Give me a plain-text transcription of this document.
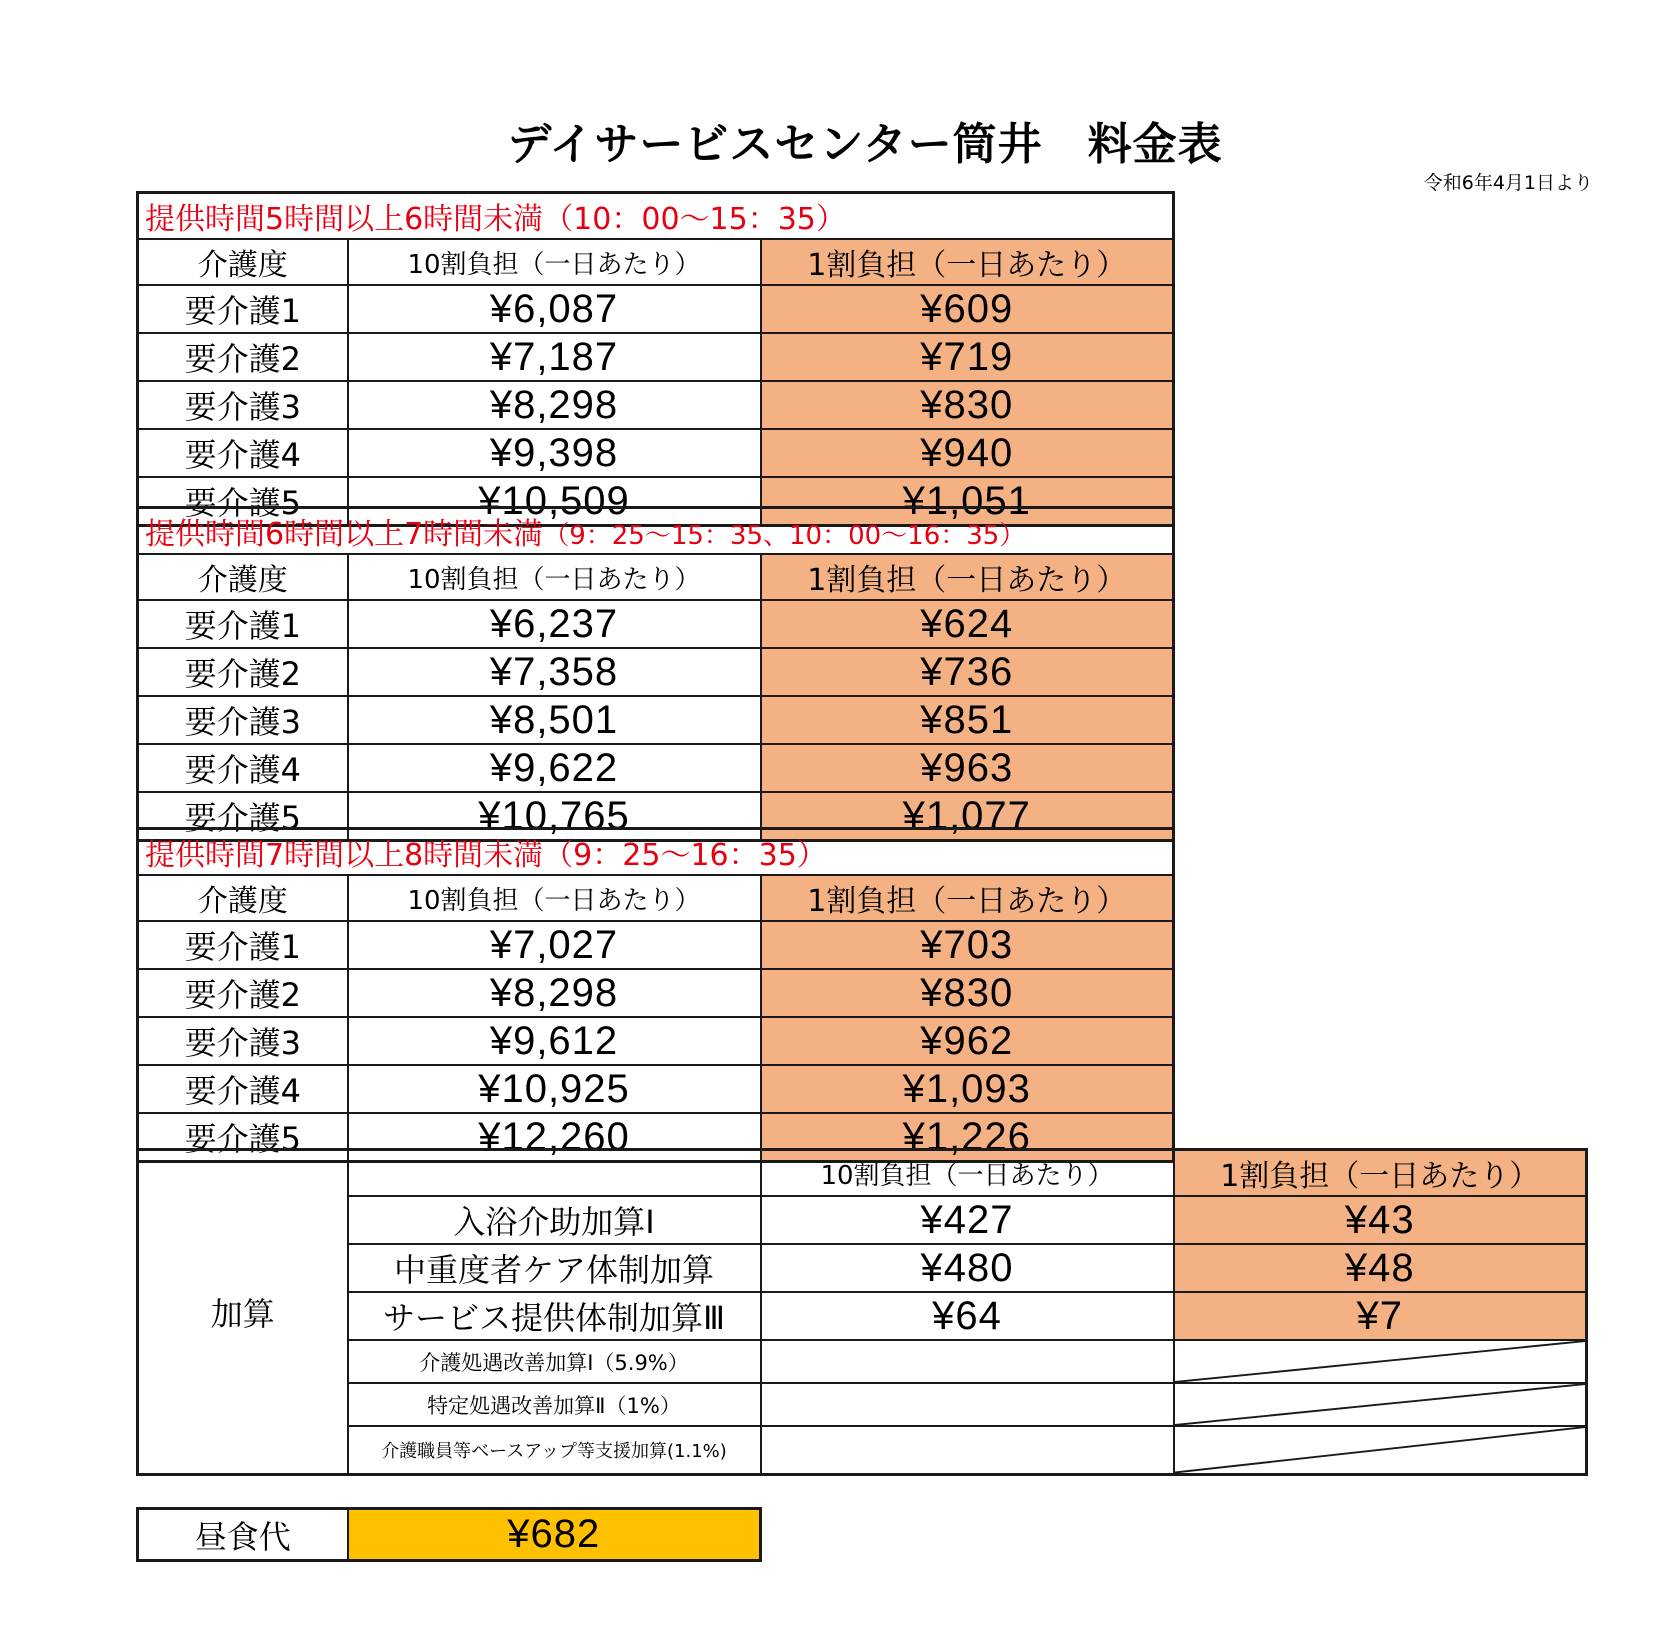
デイサービスセンター筒井　料金表
令和6年4月1日より
提供時間5時間以上6時間未満（10：00～15：35）		
介護度	10割負担（一日あたり）	1割負担（一日あたり）
要介護1	¥6,087	¥609
要介護2	¥7,187	¥719
要介護3	¥8,298	¥830
要介護4	¥9,398	¥940
要介護5	¥10,509	¥1,051
提供時間6時間以上7時間未満（9：25～15：35、10：00～16：35）		
介護度	10割負担（一日あたり）	1割負担（一日あたり）
要介護1	¥6,237	¥624
要介護2	¥7,358	¥736
要介護3	¥8,501	¥851
要介護4	¥9,622	¥963
要介護5	¥10,765	¥1,077
提供時間7時間以上8時間未満（9：25～16：35）		
介護度	10割負担（一日あたり）	1割負担（一日あたり）
要介護1	¥7,027	¥703
要介護2	¥8,298	¥830
要介護3	¥9,612	¥962
要介護4	¥10,925	¥1,093
要介護5	¥12,260	¥1,226
加算		10割負担（一日あたり）	1割負担（一日あたり）
	入浴介助加算Ⅰ	¥427	¥43
	中重度者ケア体制加算	¥480	¥48
	サービス提供体制加算Ⅲ	¥64	¥7
	介護処遇改善加算Ⅰ（5.9%）		

	特定処遇改善加算Ⅱ（1%）		

	介護職員等ベースアップ等支援加算(1.1%)		
昼食代	¥682
